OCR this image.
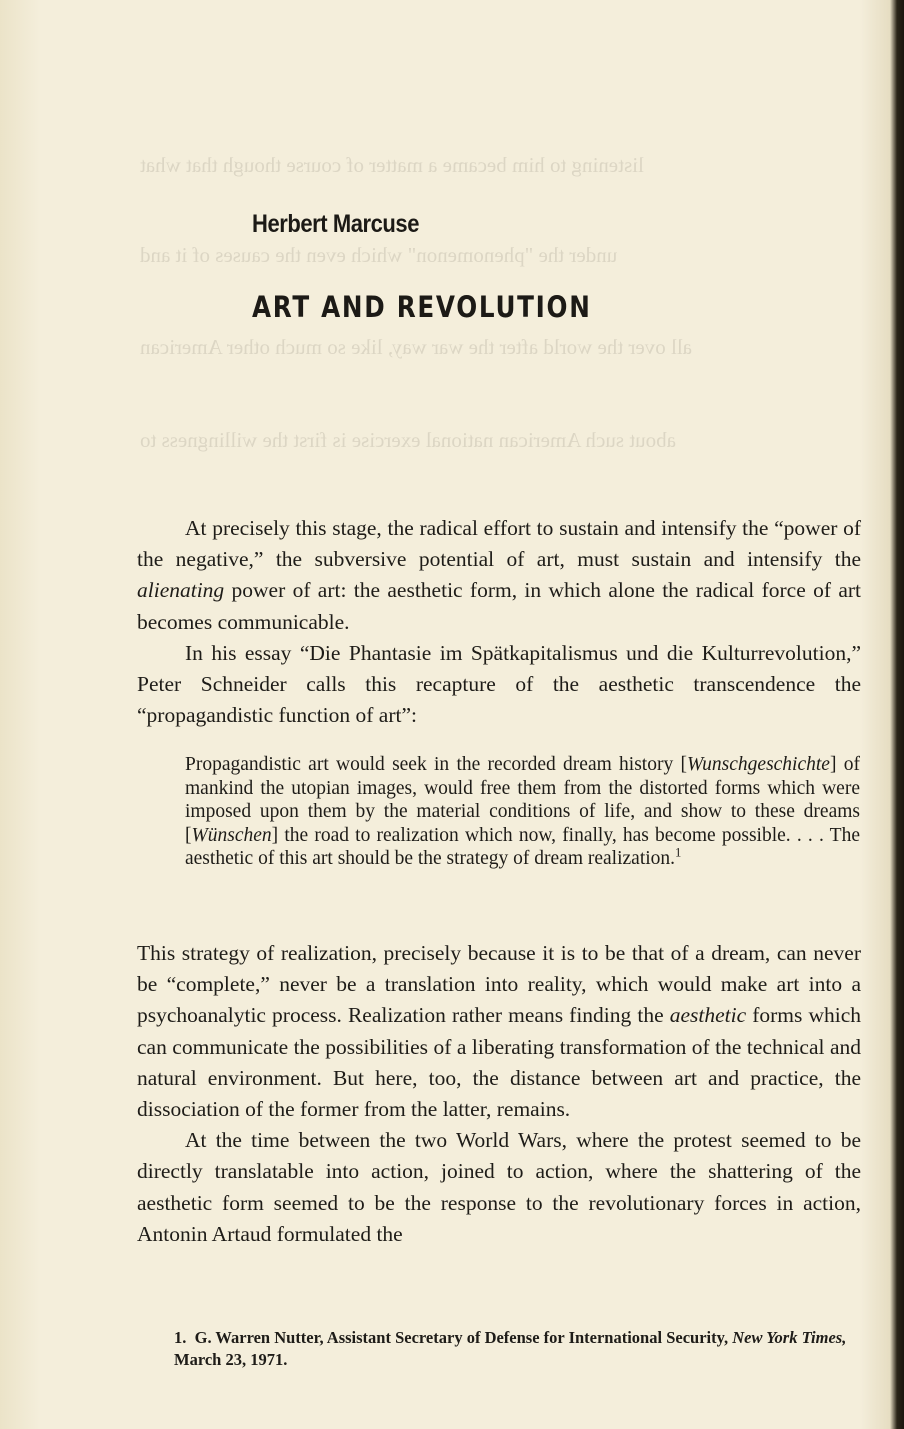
listening to him became a matter of course though that what
under the "phenomenon" which even the causes of it and
all over the world after the war way, like so much other American
about such American national exercise is first the willingness to
Herbert Marcuse
ART AND REVOLUTION

At precisely this stage, the radical effort to sustain and intensify the “power of the negative,” the subversive potential of art, must sustain and intensify the alienating power of art: the aesthetic form, in which alone the radical force of art becomes communicable.

In his essay “Die Phantasie im Spätkapitalismus und die Kulturrevolution,” Peter Schneider calls this recapture of the aesthetic transcendence the “propagandistic function of art”:

Propagandistic art would seek in the recorded dream history [Wunschgeschichte] of mankind the utopian images, would free them from the distorted forms which were imposed upon them by the material conditions of life, and show to these dreams [Wünschen] the road to realization which now, finally, has become possible. . . . The aesthetic of this art should be the strategy of dream realization.$^1$

This strategy of realization, precisely because it is to be that of a dream, can never be “complete,” never be a translation into reality, which would make art into a psychoanalytic process. Realization rather means finding the aesthetic forms which can communicate the possibilities of a liberating transformation of the technical and natural environment. But here, too, the distance between art and practice, the dissociation of the former from the latter, remains.

At the time between the two World Wars, where the protest seemed to be directly translatable into action, joined to action, where the shattering of the aesthetic form seemed to be the response to the revolutionary forces in action, Antonin Artaud formulated the

1. G. Warren Nutter, Assistant Secretary of Defense for International Security, New York Times, March 23, 1971.
